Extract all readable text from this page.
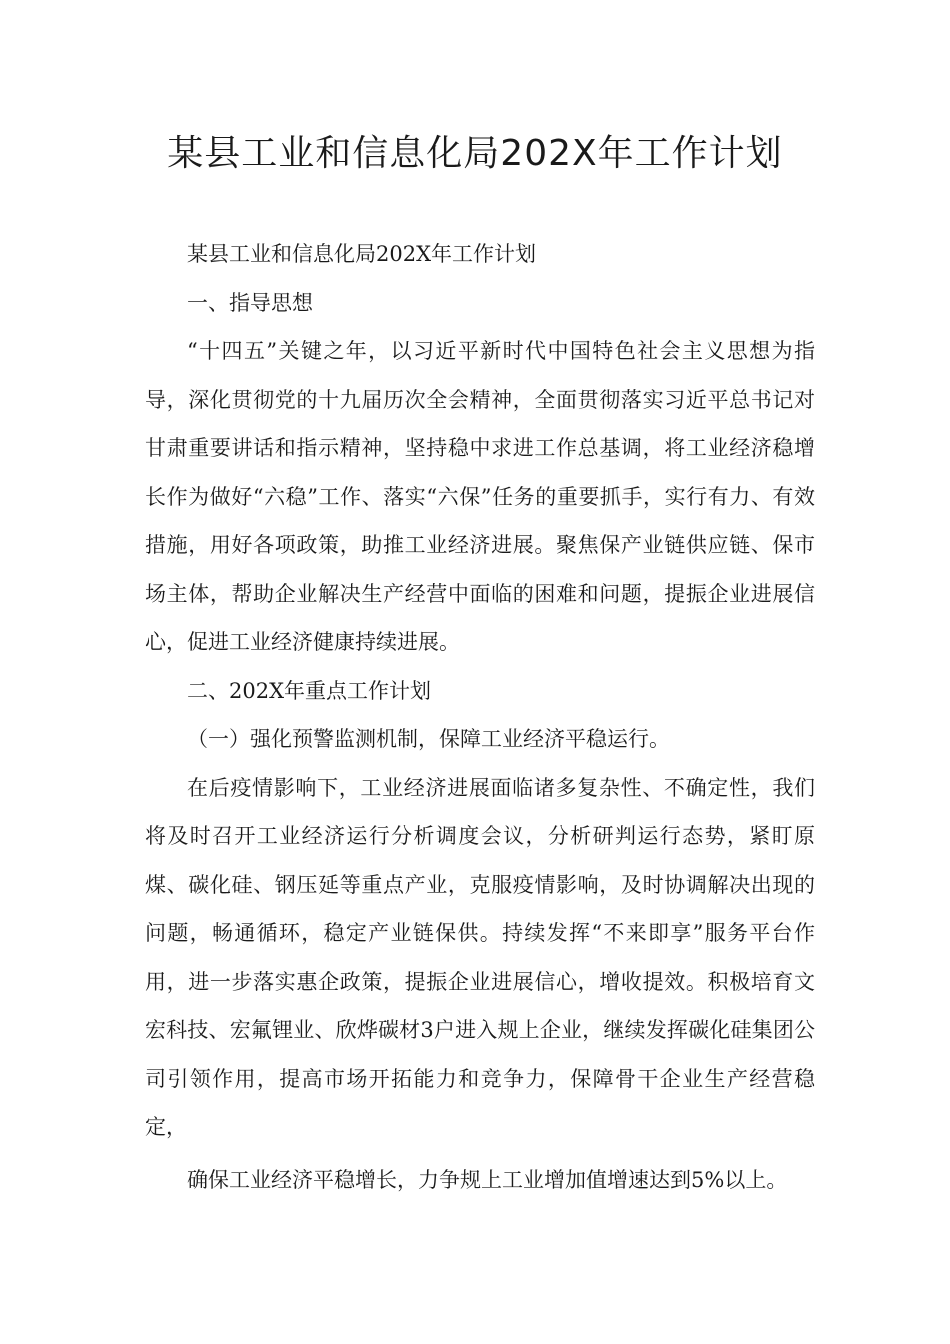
某县工业和信息化局202X年工作计划

某县工业和信息化局202X年工作计划

一、指导思想

“十四五”关键之年，以习近平新时代中国特色社会主义思想为指导，深化贯彻党的十九届历次全会精神，全面贯彻落实习近平总书记对甘肃重要讲话和指示精神，坚持稳中求进工作总基调，将工业经济稳增长作为做好“六稳”工作、落实“六保”任务的重要抓手，实行有力、有效措施，用好各项政策，助推工业经济进展。聚焦保产业链供应链、保市场主体，帮助企业解决生产经营中面临的困难和问题，提振企业进展信心，促进工业经济健康持续进展。

二、202X年重点工作计划

（一）强化预警监测机制，保障工业经济平稳运行。

在后疫情影响下，工业经济进展面临诸多复杂性、不确定性，我们将及时召开工业经济运行分析调度会议，分析研判运行态势，紧盯原煤、碳化硅、钢压延等重点产业，克服疫情影响，及时协调解决出现的问题，畅通循环，稳定产业链保供。持续发挥“不来即享”服务平台作用，进一步落实惠企政策，提振企业进展信心，增收提效。积极培育文宏科技、宏氟锂业、欣烨碳材3户进入规上企业，继续发挥碳化硅集团公司引领作用，提高市场开拓能力和竞争力，保障骨干企业生产经营稳定，

确保工业经济平稳增长，力争规上工业增加值增速达到5%以上。
